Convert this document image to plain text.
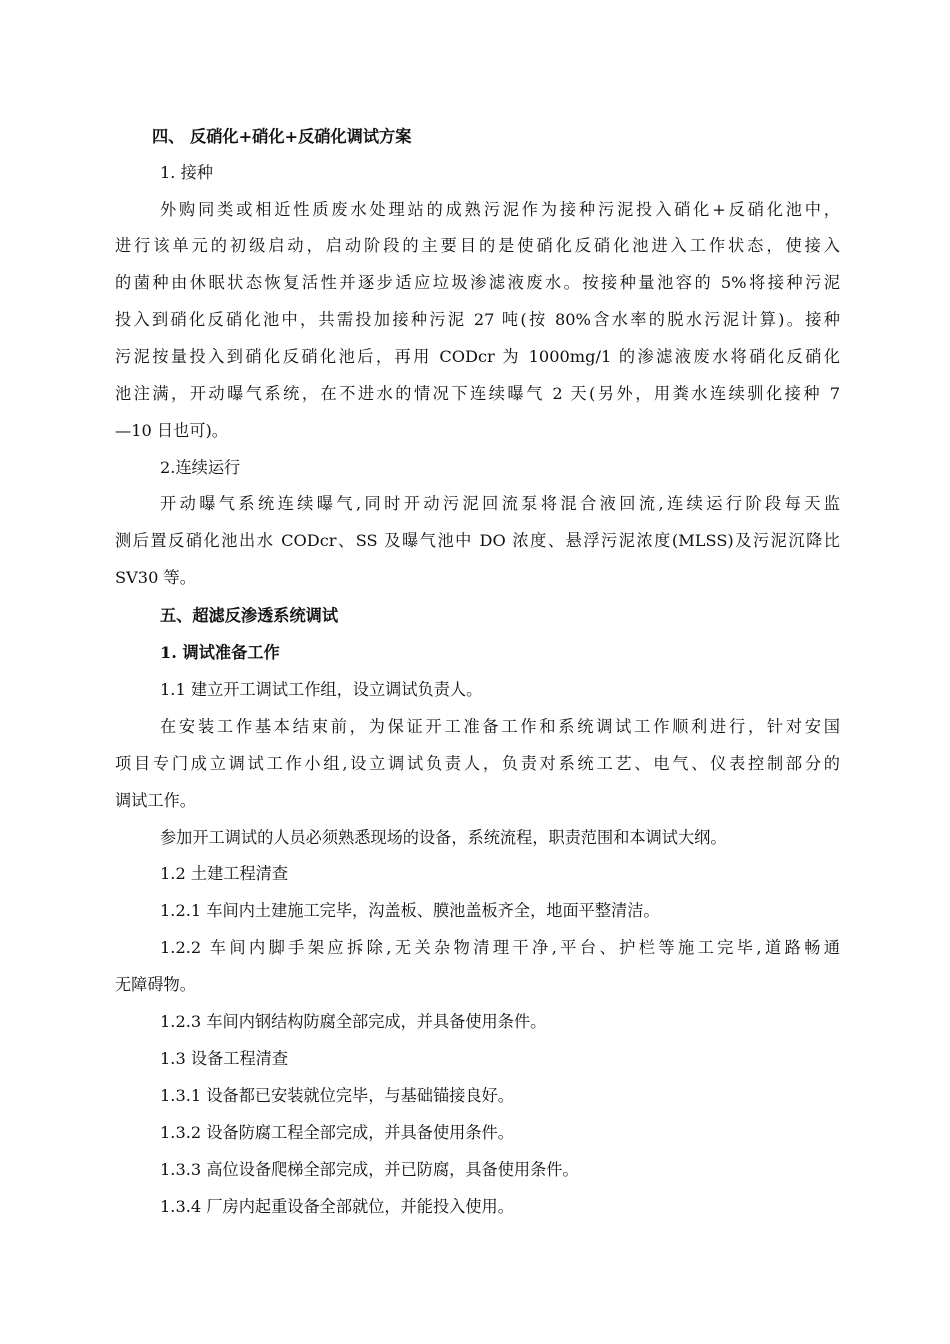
四、 反硝化+硝化+反硝化调试方案
1. 接种
外购同类或相近性质废水处理站的成熟污泥作为接种污泥投入硝化+反硝化池中，
进行该单元的初级启动，启动阶段的主要目的是使硝化反硝化池进入工作状态，使接入
的菌种由休眠状态恢复活性并逐步适应垃圾渗滤液废水。按接种量池容的 5%将接种污泥
投入到硝化反硝化池中，共需投加接种污泥 27 吨(按 80%含水率的脱水污泥计算)。接种
污泥按量投入到硝化反硝化池后，再用 CODcr 为 1000mg/1 的渗滤液废水将硝化反硝化
池注满，开动曝气系统，在不进水的情况下连续曝气 2 天(另外，用粪水连续驯化接种 7
—10 日也可)。
2.连续运行
开动曝气系统连续曝气,同时开动污泥回流泵将混合液回流,连续运行阶段每天监
测后置反硝化池出水 CODcr、SS 及曝气池中 DO 浓度、悬浮污泥浓度(MLSS)及污泥沉降比
SV30 等。
五、超滤反渗透系统调试
1. 调试准备工作
1.1 建立开工调试工作组，设立调试负责人。
在安装工作基本结束前，为保证开工准备工作和系统调试工作顺利进行，针对安国
项目专门成立调试工作小组,设立调试负责人，负责对系统工艺、电气、仪表控制部分的
调试工作。
参加开工调试的人员必须熟悉现场的设备，系统流程，职责范围和本调试大纲。
1.2 土建工程清查
1.2.1 车间内土建施工完毕，沟盖板、膜池盖板齐全，地面平整清洁。
1.2.2 车间内脚手架应拆除,无关杂物清理干净,平台、护栏等施工完毕,道路畅通
无障碍物。
1.2.3 车间内钢结构防腐全部完成，并具备使用条件。
1.3 设备工程清查
1.3.1 设备都已安装就位完毕，与基础锚接良好。
1.3.2 设备防腐工程全部完成，并具备使用条件。
1.3.3 高位设备爬梯全部完成，并已防腐，具备使用条件。
1.3.4 厂房内起重设备全部就位，并能投入使用。
